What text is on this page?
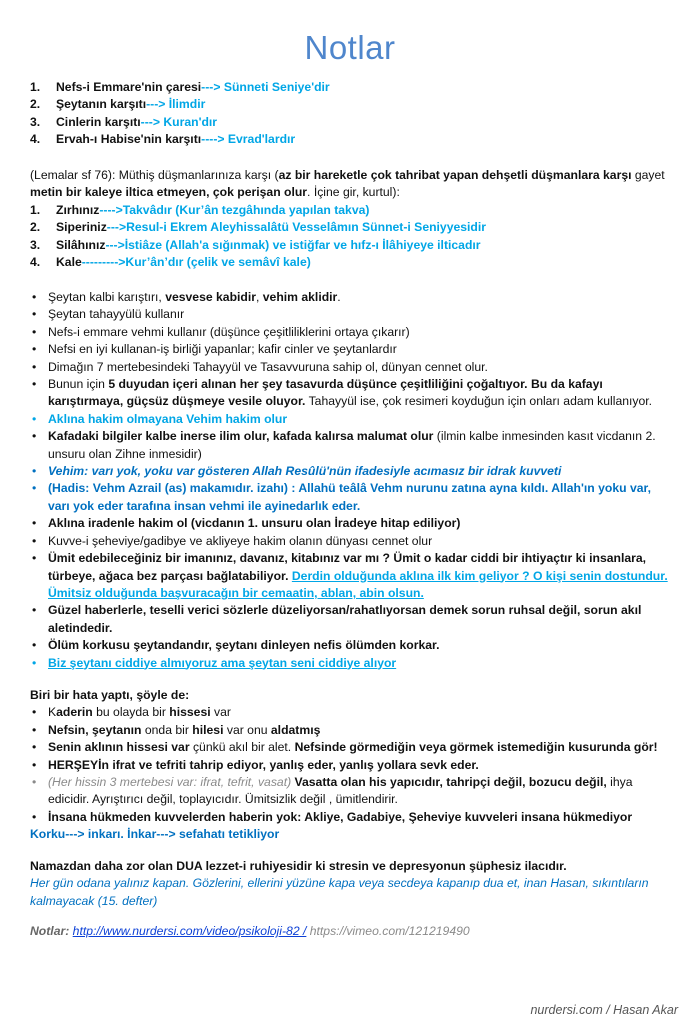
Notlar
1. Nefs-i Emmare'nin çaresi---> Sünneti Seniye'dir
2. Şeytanın karşıtı---> İlimdir
3. Cinlerin karşıtı---> Kuran'dır
4. Ervah-ı Habise'nin karşıtı----> Evrad'lardır

(Lemalar sf 76): Müthiş düşmanlarınıza karşı (az bir hareketle çok tahribat yapan dehşetli düşmanlara karşı gayet metin bir kaleye iltica etmeyen, çok perişan olur. İçine gir, kurtul):

1. Zırhınız---->Takvâdır (Kur’ân tezgâhında yapılan takva)
2. Siperiniz--->Resul-i Ekrem Aleyhissalâtü Vesselâmın Sünnet-i Seniyyesidir
3. Silâhınız--->İstiâze (Allah'a sığınmak) ve istiğfar ve hıfz-ı İlâhiyeye ilticadır
4. Kale--------->Kur’ân’dır (çelik ve semâvî kale)
• Şeytan kalbi karıştırı, vesvese kabidir, vehim aklidir.
• Şeytan tahayyülü kullanır
• Nefs-i emmare vehmi kullanır (düşünce çeşitliliklerini ortaya çıkarır)
• Nefsi en iyi kullanan-iş birliği yapanlar; kafir cinler ve şeytanlardır
• Dimağın 7 mertebesindeki Tahayyül ve Tasavvuruna sahip ol, dünyan cennet olur.
• Bunun için 5 duyudan içeri alınan her şey tasavurda düşünce çeşitliliğini çoğaltıyor. Bu da kafayı karıştırmaya, güçsüz düşmeye vesile oluyor. Tahayyül ise, çok resimeri koyduğun için onları adam kullanıyor.
• Aklına hakim olmayana Vehim hakim olur
• Kafadaki bilgiler kalbe inerse ilim olur, kafada kalırsa malumat olur (ilmin kalbe inmesinden kasıt vicdanın 2. unsuru olan Zihne inmesidir)
• Vehim: varı yok, yoku var gösteren Allah Resûlü'nün ifadesiyle acımasız bir idrak kuvveti
• (Hadis: Vehm Azrail (as) makamıdır. izahı) : Allahü teâlâ Vehm nurunu zatına ayna kıldı. Allah'ın yoku var, varı yok eder tarafına insan vehmi ile ayinedarlık eder.
• Aklına iradenle hakim ol (vicdanın 1. unsuru olan İradeye hitap ediliyor)
• Kuvve-i şeheviye/gadibye ve akliyeye hakim olanın dünyası cennet olur
• Ümit edebileceğiniz bir imanınız, davanız, kitabınız var mı ? Ümit o kadar ciddi bir ihtiyaçtır ki insanlara, türbeye, ağaca bez parçası bağlatabiliyor. Derdin olduğunda aklına ilk kim geliyor ? O kişi senin dostundur. Ümitsiz olduğunda başvuracağın bir cemaatin, ablan, abin olsun.
• Güzel haberlerle, teselli verici sözlerle düzeliyorsan/rahatlıyorsan demek sorun ruhsal değil, sorun akıl aletindedir.
• Ölüm korkusu şeytandandır, şeytanı dinleyen nefis ölümden korkar.
• Biz şeytanı ciddiye almıyoruz ama şeytan seni ciddiye alıyor

Biri bir hata yaptı, şöyle de:

• Kaderin bu olayda bir hissesi var
• Nefsin, şeytanın onda bir hilesi var onu aldatmış
• Senin aklının hissesi var çünkü akıl bir alet. Nefsinde görmediğin veya görmek istemediğin kusurunda gör!
• HERŞEYİn ifrat ve tefriti tahrip ediyor, yanlış eder, yanlış yollara sevk eder.
• (Her hissin 3 mertebesi var: ifrat, tefrit, vasat) Vasatta olan his yapıcıdır, tahripçi değil, bozucu değil, ihya edicidir. Ayrıştırıcı değil, toplayıcıdır. Ümitsizlik değil , ümitlendirir.
• İnsana hükmeden kuvvelerden haberin yok: Akliye, Gadabiye, Şeheviye kuvveleri insana hükmediyor

Korku---> inkarı. İnkar---> sefahatı tetikliyor

Namazdan daha zor olan DUA lezzet-i ruhiyesidir ki stresin ve depresyonun şüphesiz ilacıdır.

Her gün odana yalınız kapan. Gözlerini, ellerini yüzüne kapa veya secdeya kapanıp dua et, inan Hasan, sıkıntıların kalmayacak (15. defter)

Notlar: http://www.nurdersi.com/video/psikoloji-82 / https://vimeo.com/121219490

nurdersi.com / Hasan Akar
